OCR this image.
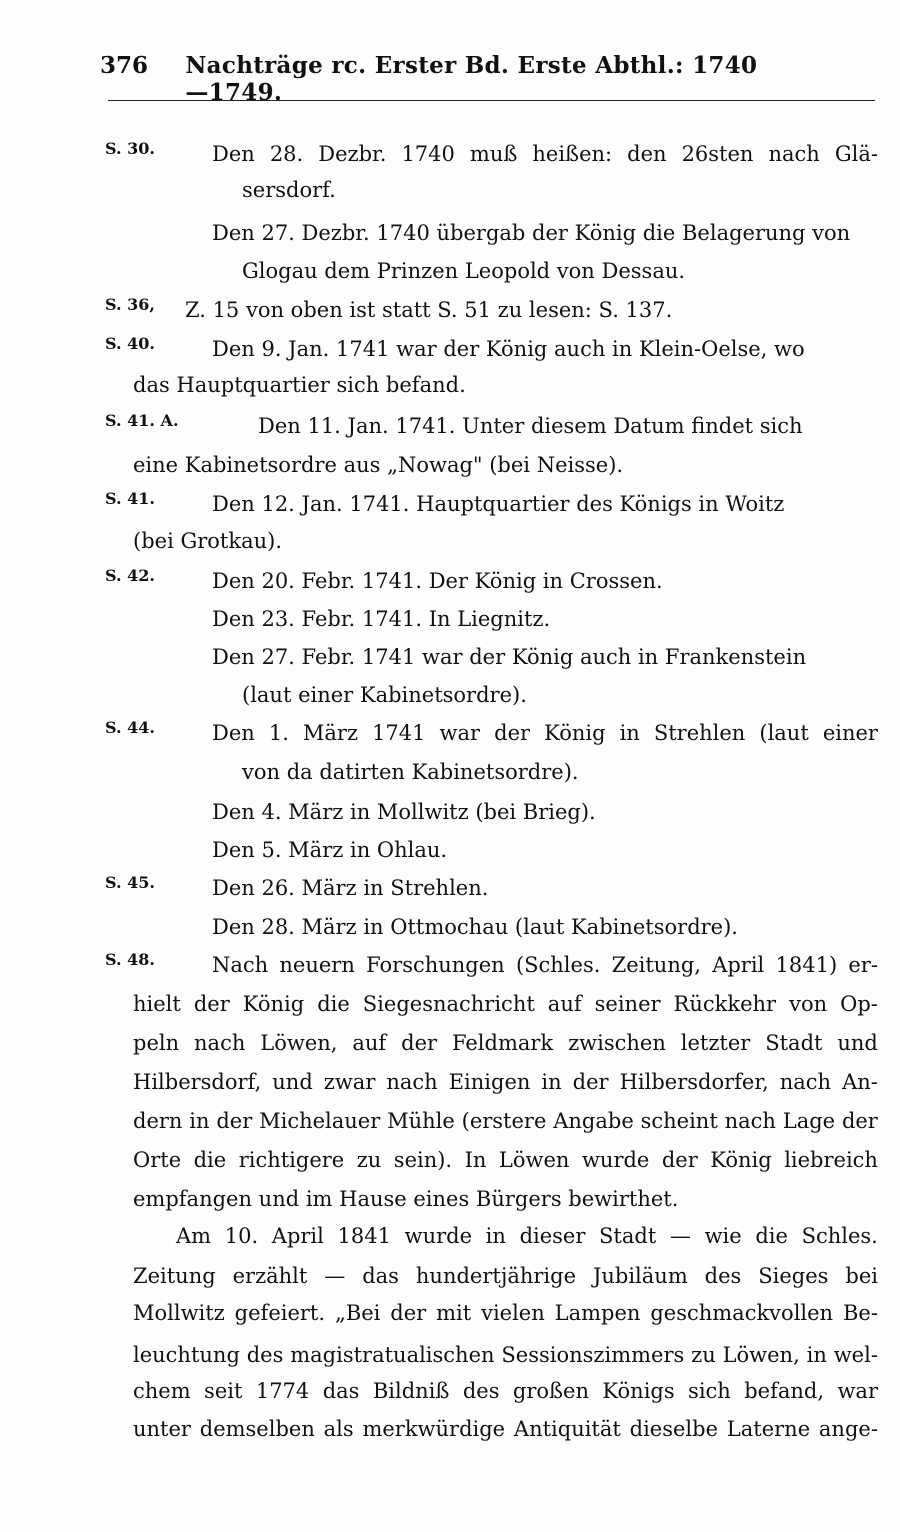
376	Nachträge rc. Erster Bd. Erste Abthl.: 1740—1749.
S. 30.	Den 28. Dezbr. 1740 muß heißen: den 26sten nach Glä-
sersdorf.
Den 27. Dezbr. 1740 übergab der König die Belagerung von
Glogau dem Prinzen Leopold von Dessau.
S. 36, Z. 15 von oben ist statt S. 51 zu lesen: S. 137.
S. 40.	Den 9. Jan. 1741 war der König auch in Klein-Oelse, wo
das Hauptquartier sich befand.
S. 41. A.	Den 11. Jan. 1741. Unter diesem Datum findet sich
eine Kabinetsordre aus „Nowag" (bei Neisse).
S. 41.	Den 12. Jan. 1741. Hauptquartier des Königs in Woitz
(bei Grotkau).
S. 42.	Den 20. Febr. 1741. Der König in Crossen.
Den 23. Febr. 1741. In Liegnitz.
Den 27. Febr. 1741 war der König auch in Frankenstein
(laut einer Kabinetsordre).
S. 44.	Den 1. März 1741 war der König in Strehlen (laut einer
von da datirten Kabinetsordre).
Den 4. März in Mollwitz (bei Brieg).
Den 5. März in Ohlau.
S. 45.	Den 26. März in Strehlen.
Den 28. März in Ottmochau (laut Kabinetsordre).
S. 48.	Nach neuern Forschungen (Schles. Zeitung, April 1841) er-
hielt der König die Siegesnachricht auf seiner Rückkehr von Op-
peln nach Löwen, auf der Feldmark zwischen letzter Stadt und
Hilbersdorf, und zwar nach Einigen in der Hilbersdorfer, nach An-
dern in der Michelauer Mühle (erstere Angabe scheint nach Lage der
Orte die richtigere zu sein). In Löwen wurde der König liebreich
empfangen und im Hause eines Bürgers bewirthet.
Am 10. April 1841 wurde in dieser Stadt — wie die Schles.
Zeitung erzählt — das hundertjährige Jubiläum des Sieges bei
Mollwitz gefeiert. „Bei der mit vielen Lampen geschmackvollen Be-
leuchtung des magistratualischen Sessionszimmers zu Löwen, in wel-
chem seit 1774 das Bildniß des großen Königs sich befand, war
unter demselben als merkwürdige Antiquität dieselbe Laterne ange-
